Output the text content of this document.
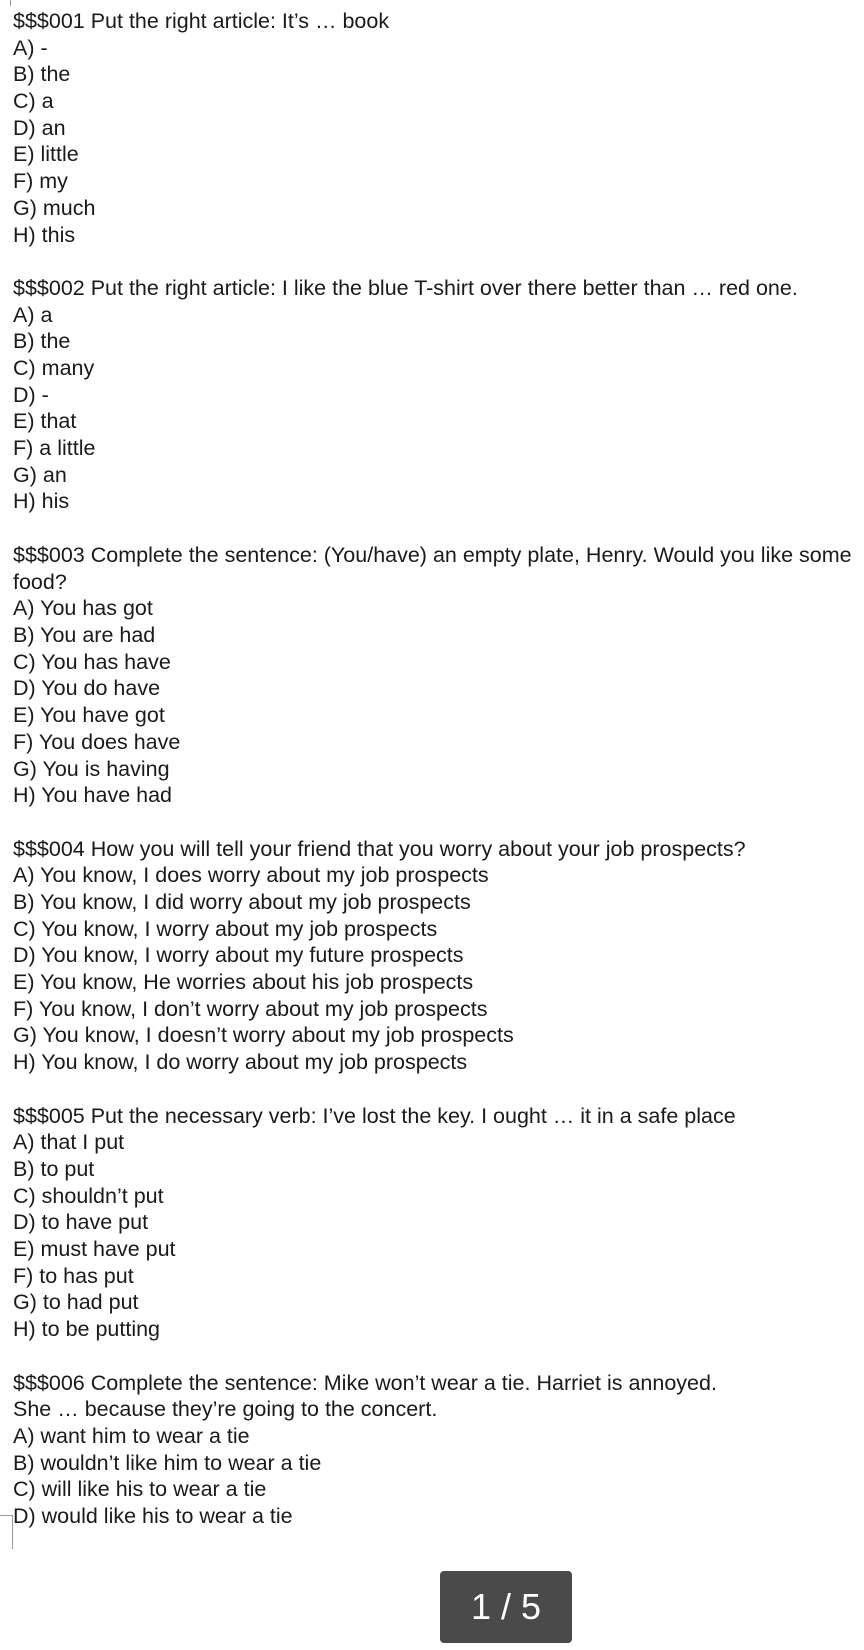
$$$001 Put the right article: It’s … book
A) -
B) the
C) a
D) an
E) little
F) my
G) much
H) this
$$$002 Put the right article: I like the blue T-shirt over there better than … red one.
A) a
B) the
C) many
D) -
E) that
F) a little
G) an
H) his
$$$003 Complete the sentence: (You/have) an empty plate, Henry. Would you like some food?
A) You has got
B) You are had
C) You has have
D) You do have
E) You have got
F) You does have
G) You is having
H) You have had
$$$004 How you will tell your friend that you worry about your job prospects?
A) You know, I does worry about my job prospects
B) You know, I did worry about my job prospects
C) You know, I worry about my job prospects
D) You know, I worry about my future prospects
E) You know, He worries about his job prospects
F) You know, I don’t worry about my job prospects
G) You know, I doesn’t worry about my job prospects
H) You know, I do worry about my job prospects
$$$005 Put the necessary verb: I’ve lost the key. I ought … it in a safe place
A) that I put
B) to put
C) shouldn’t put
D) to have put
E) must have put
F) to has put
G) to had put
H) to be putting
$$$006 Complete the sentence: Mike won’t wear a tie. Harriet is annoyed.
She … because they’re going to the concert.
A) want him to wear a tie
B) wouldn’t like him to wear a tie
C) will like his to wear a tie
D) would like his to wear a tie
1 / 5
